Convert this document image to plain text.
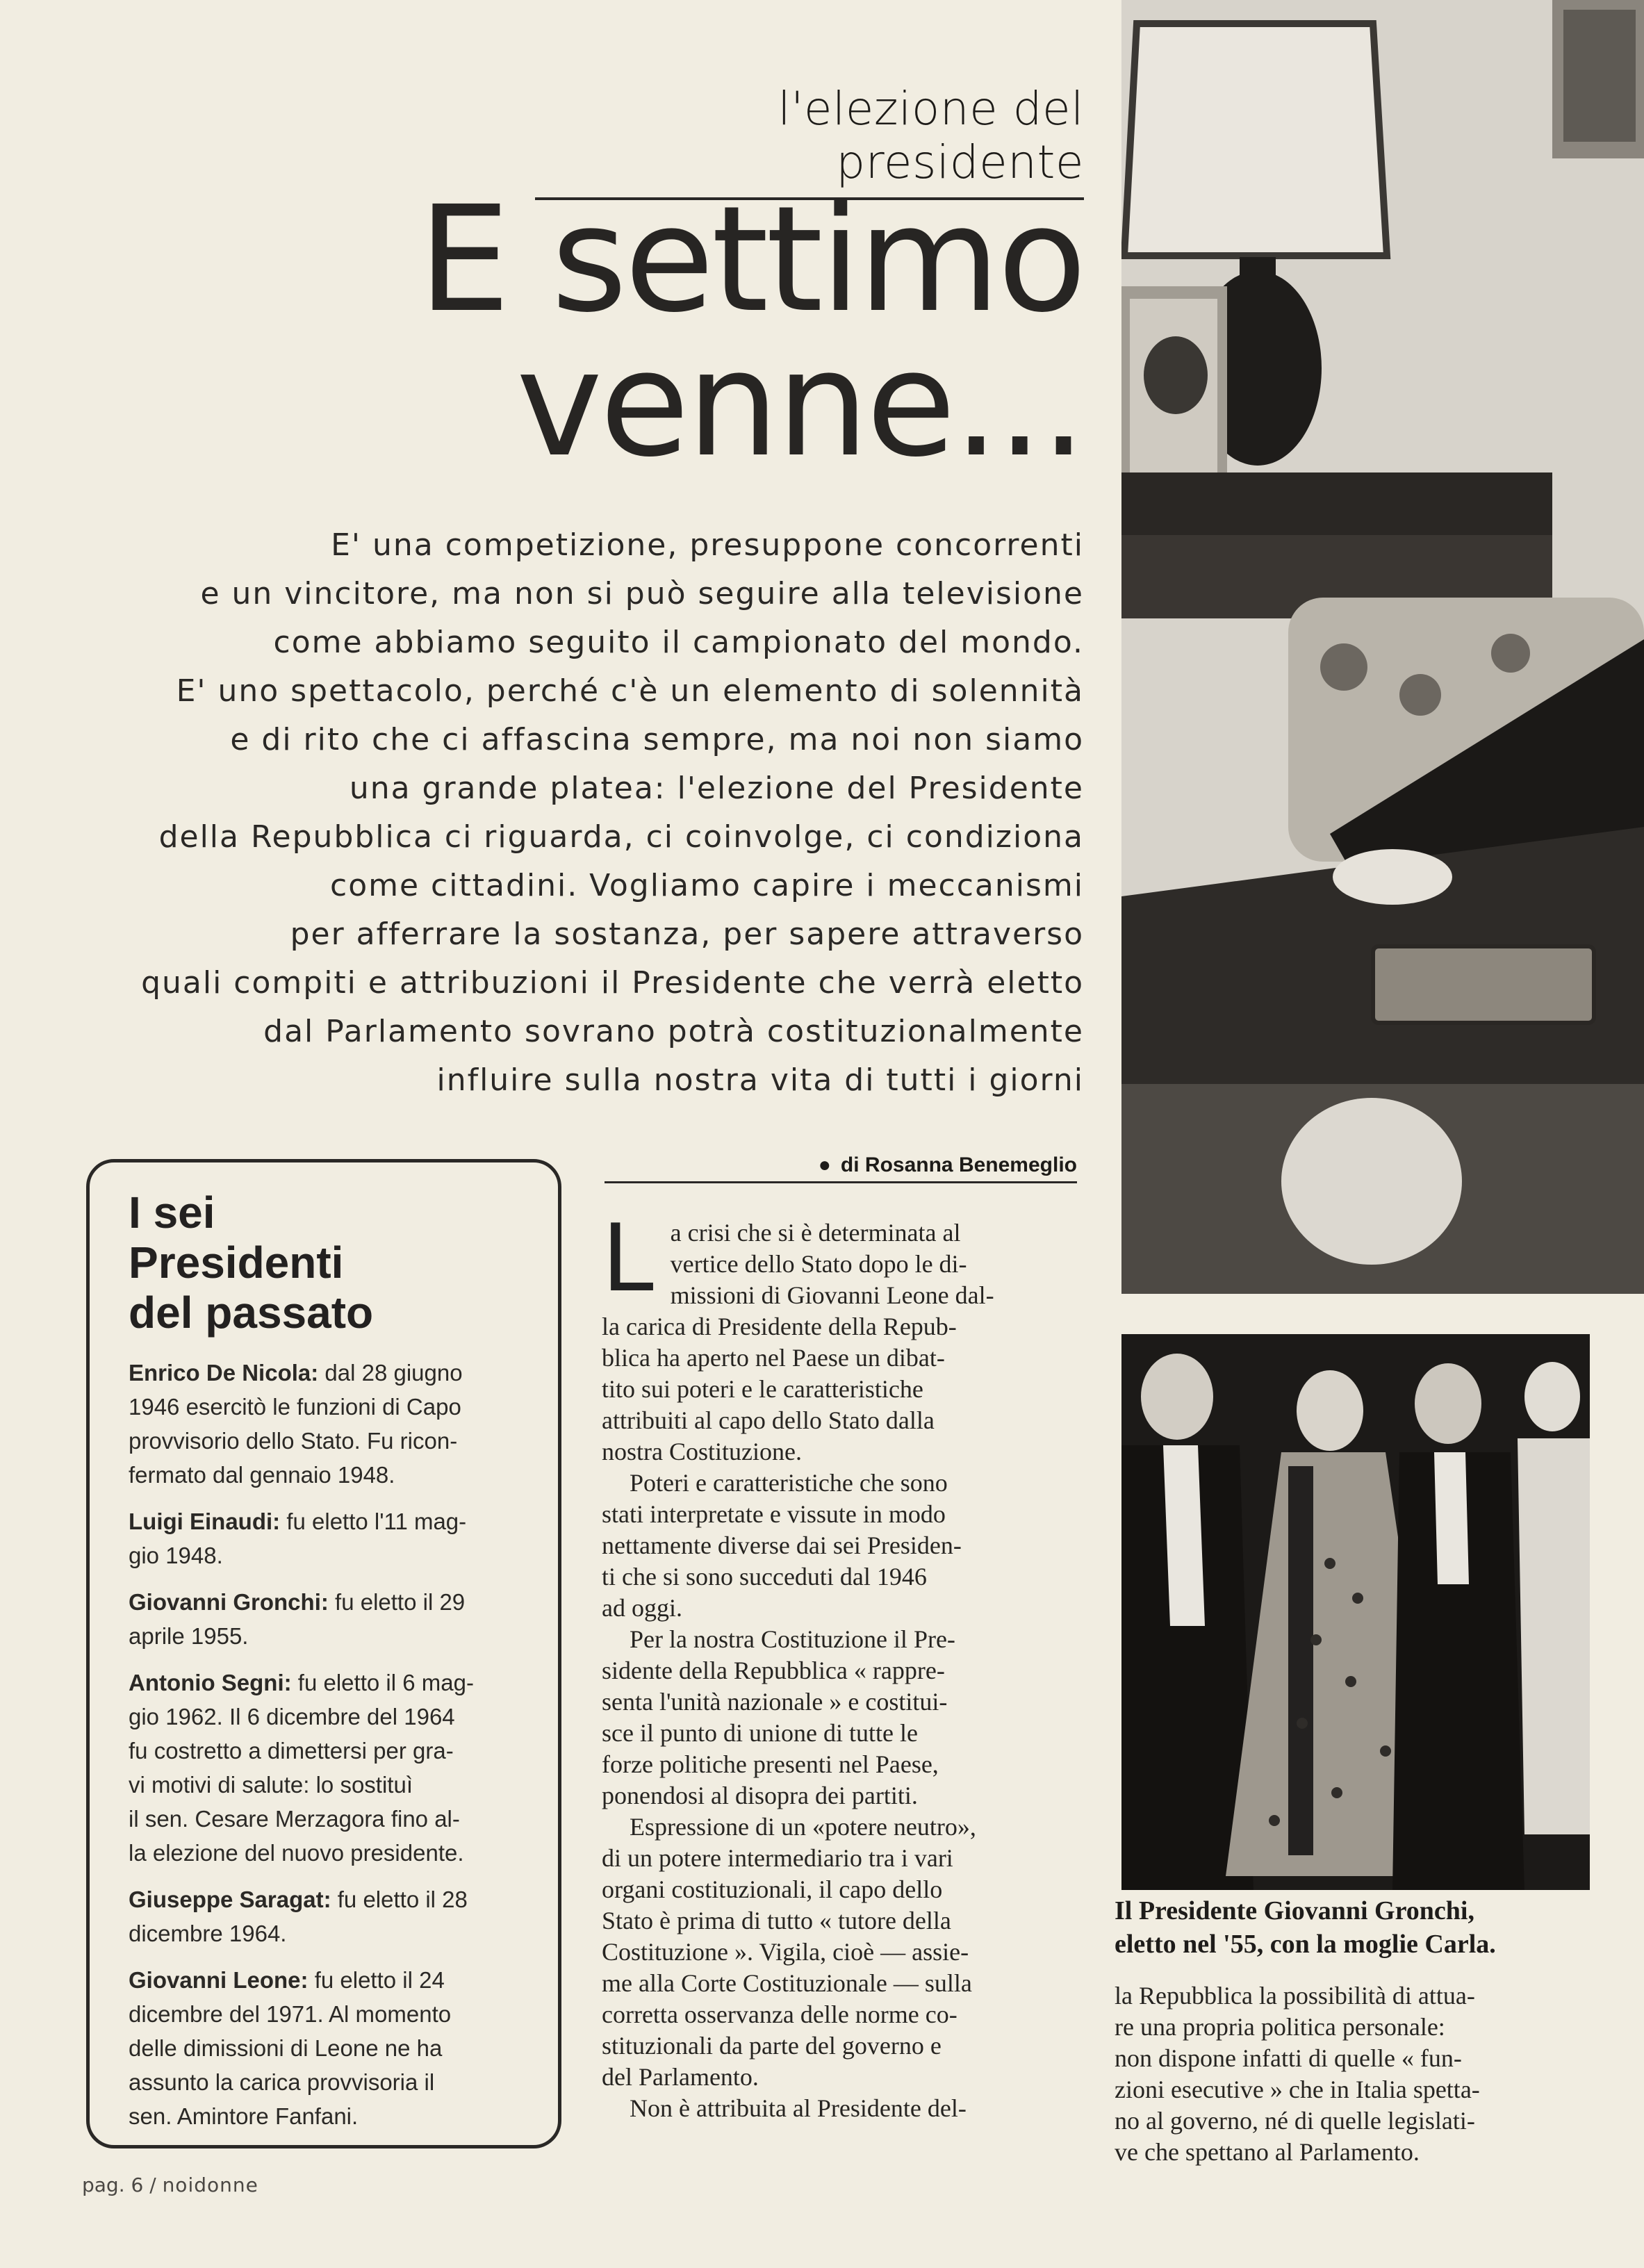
l'elezione del presidente
E settimo
venne...
E' una competizione, presuppone concorrenti
e un vincitore, ma non si può seguire alla televisione
come abbiamo seguito il campionato del mondo.
E' uno spettacolo, perché c'è un elemento di solennità
e di rito che ci affascina sempre, ma noi non siamo
una grande platea: l'elezione del Presidente
della Repubblica ci riguarda, ci coinvolge, ci condiziona
come cittadini. Vogliamo capire i meccanismi
per afferrare la sostanza, per sapere attraverso
quali compiti e attribuzioni il Presidente che verrà eletto
dal Parlamento sovrano potrà costituzionalmente
influire sulla nostra vita di tutti i giorni
● di Rosanna Benemeglio
I sei
Presidenti
del passato
Enrico De Nicola: dal 28 giugno
1946 esercitò le funzioni di Capo
provvisorio dello Stato. Fu ricon-
fermato dal gennaio 1948.
Luigi Einaudi: fu eletto l'11 mag-
gio 1948.
Giovanni Gronchi: fu eletto il 29
aprile 1955.
Antonio Segni: fu eletto il 6 mag-
gio 1962. Il 6 dicembre del 1964
fu costretto a dimettersi per gra-
vi motivi di salute: lo sostituì
il sen. Cesare Merzagora fino al-
la elezione del nuovo presidente.
Giuseppe Saragat: fu eletto il 28
dicembre 1964.
Giovanni Leone: fu eletto il 24
dicembre del 1971. Al momento
delle dimissioni di Leone ne ha
assunto la carica provvisoria il
sen. Amintore Fanfani.
L a crisi che si è determinata al
vertice dello Stato dopo le di-
missioni di Giovanni Leone dal-
la carica di Presidente della Repub-
blica ha aperto nel Paese un dibat-
tito sui poteri e le caratteristiche
attribuiti al capo dello Stato dalla
nostra Costituzione.
Poteri e caratteristiche che sono
stati interpretate e vissute in modo
nettamente diverse dai sei Presiden-
ti che si sono succeduti dal 1946
ad oggi.
Per la nostra Costituzione il Pre-
sidente della Repubblica « rappre-
senta l'unità nazionale » e costitui-
sce il punto di unione di tutte le
forze politiche presenti nel Paese,
ponendosi al disopra dei partiti.
Espressione di un «potere neutro»,
di un potere intermediario tra i vari
organi costituzionali, il capo dello
Stato è prima di tutto « tutore della
Costituzione ». Vigila, cioè — assie-
me alla Corte Costituzionale — sulla
corretta osservanza delle norme co-
stituzionali da parte del governo e
del Parlamento.
Non è attribuita al Presidente del-
Il Presidente Giovanni Gronchi,
eletto nel '55, con la moglie Carla.
la Repubblica la possibilità di attua-
re una propria politica personale:
non dispone infatti di quelle « fun-
zioni esecutive » che in Italia spetta-
no al governo, né di quelle legislati-
ve che spettano al Parlamento.
pag. 6 / noidonne
